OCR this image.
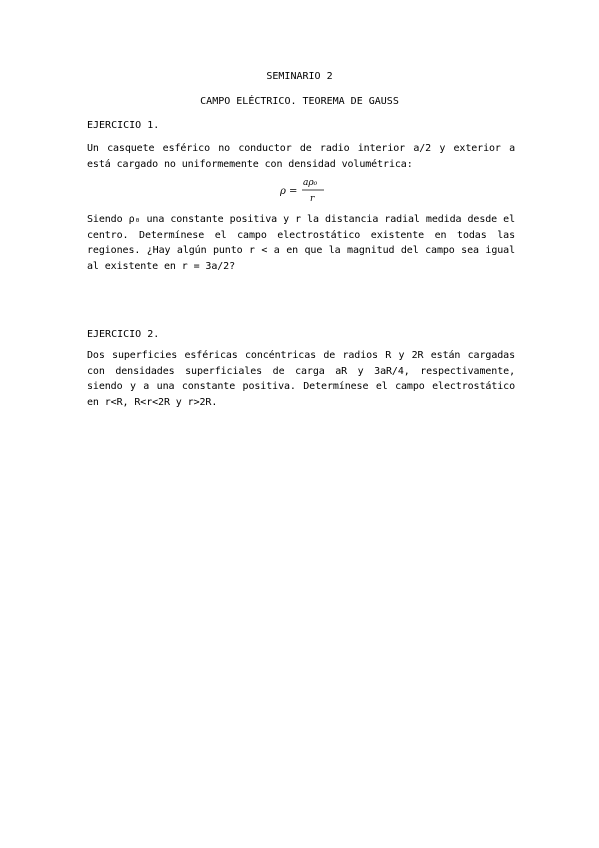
SEMINARIO 2
CAMPO ELÉCTRICO. TEOREMA DE GAUSS
EJERCICIO 1.
Un casquete esférico no conductor de radio interior a/2 y exterior a está cargado no uniformemente con densidad volumétrica:
ρ =
aρ₀
r
Siendo ρ₀ una constante positiva y r la distancia radial medida desde el centro. Determínese el campo electrostático existente en todas las regiones. ¿Hay algún punto r < a en que la magnitud del campo sea igual al existente en r = 3a/2?
EJERCICIO 2.
Dos superficies esféricas concéntricas de radios R y 2R están cargadas con densidades superficiales de carga aR y 3aR/4, respectivamente, siendo y a una constante positiva. Determínese el campo electrostático en r<R, R<r<2R y r>2R.
